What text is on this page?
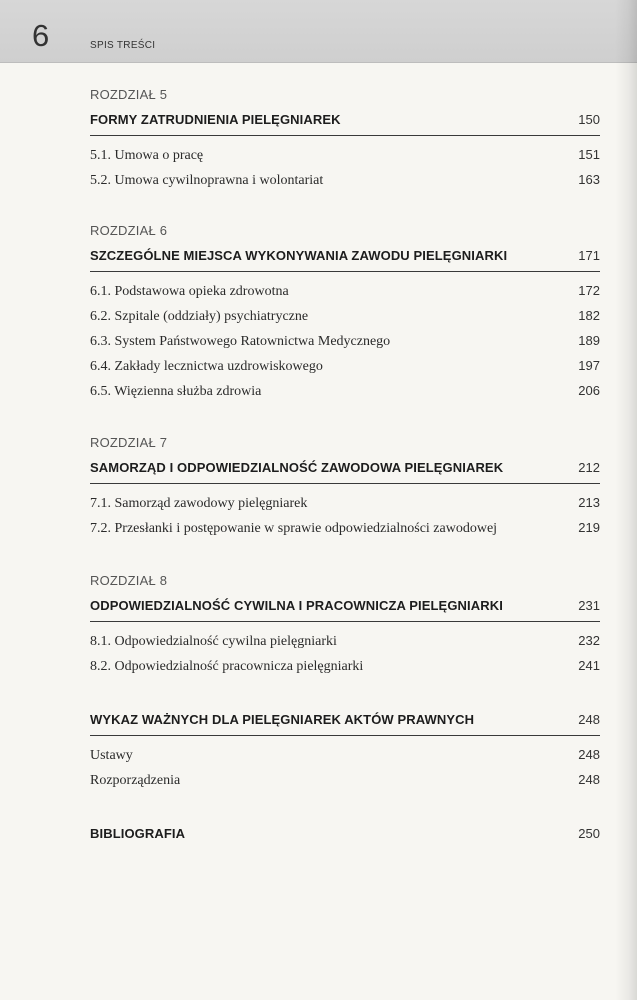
6	SPIS TREŚCI
ROZDZIAŁ 5
FORMY ZATRUDNIENIA PIELĘGNIAREK	150
5.1. Umowa o pracę	151
5.2. Umowa cywilnoprawna i wolontariat	163
ROZDZIAŁ 6
SZCZEGÓLNE MIEJSCA WYKONYWANIA ZAWODU PIELĘGNIARKI	171
6.1. Podstawowa opieka zdrowotna	172
6.2. Szpitale (oddziały) psychiatryczne	182
6.3. System Państwowego Ratownictwa Medycznego	189
6.4. Zakłady lecznictwa uzdrowiskowego	197
6.5. Więzienna służba zdrowia	206
ROZDZIAŁ 7
SAMORZĄD I ODPOWIEDZIALNOŚĆ ZAWODOWA PIELĘGNIAREK	212
7.1. Samorząd zawodowy pielęgniarek	213
7.2. Przesłanki i postępowanie w sprawie odpowiedzialności zawodowej	219
ROZDZIAŁ 8
ODPOWIEDZIALNOŚĆ CYWILNA I PRACOWNICZA PIELĘGNIARKI	231
8.1. Odpowiedzialność cywilna pielęgniarki	232
8.2. Odpowiedzialność pracownicza pielęgniarki	241
WYKAZ WAŻNYCH DLA PIELĘGNIAREK AKTÓW PRAWNYCH	248
Ustawy	248
Rozporządzenia	248
BIBLIOGRAFIA	250
